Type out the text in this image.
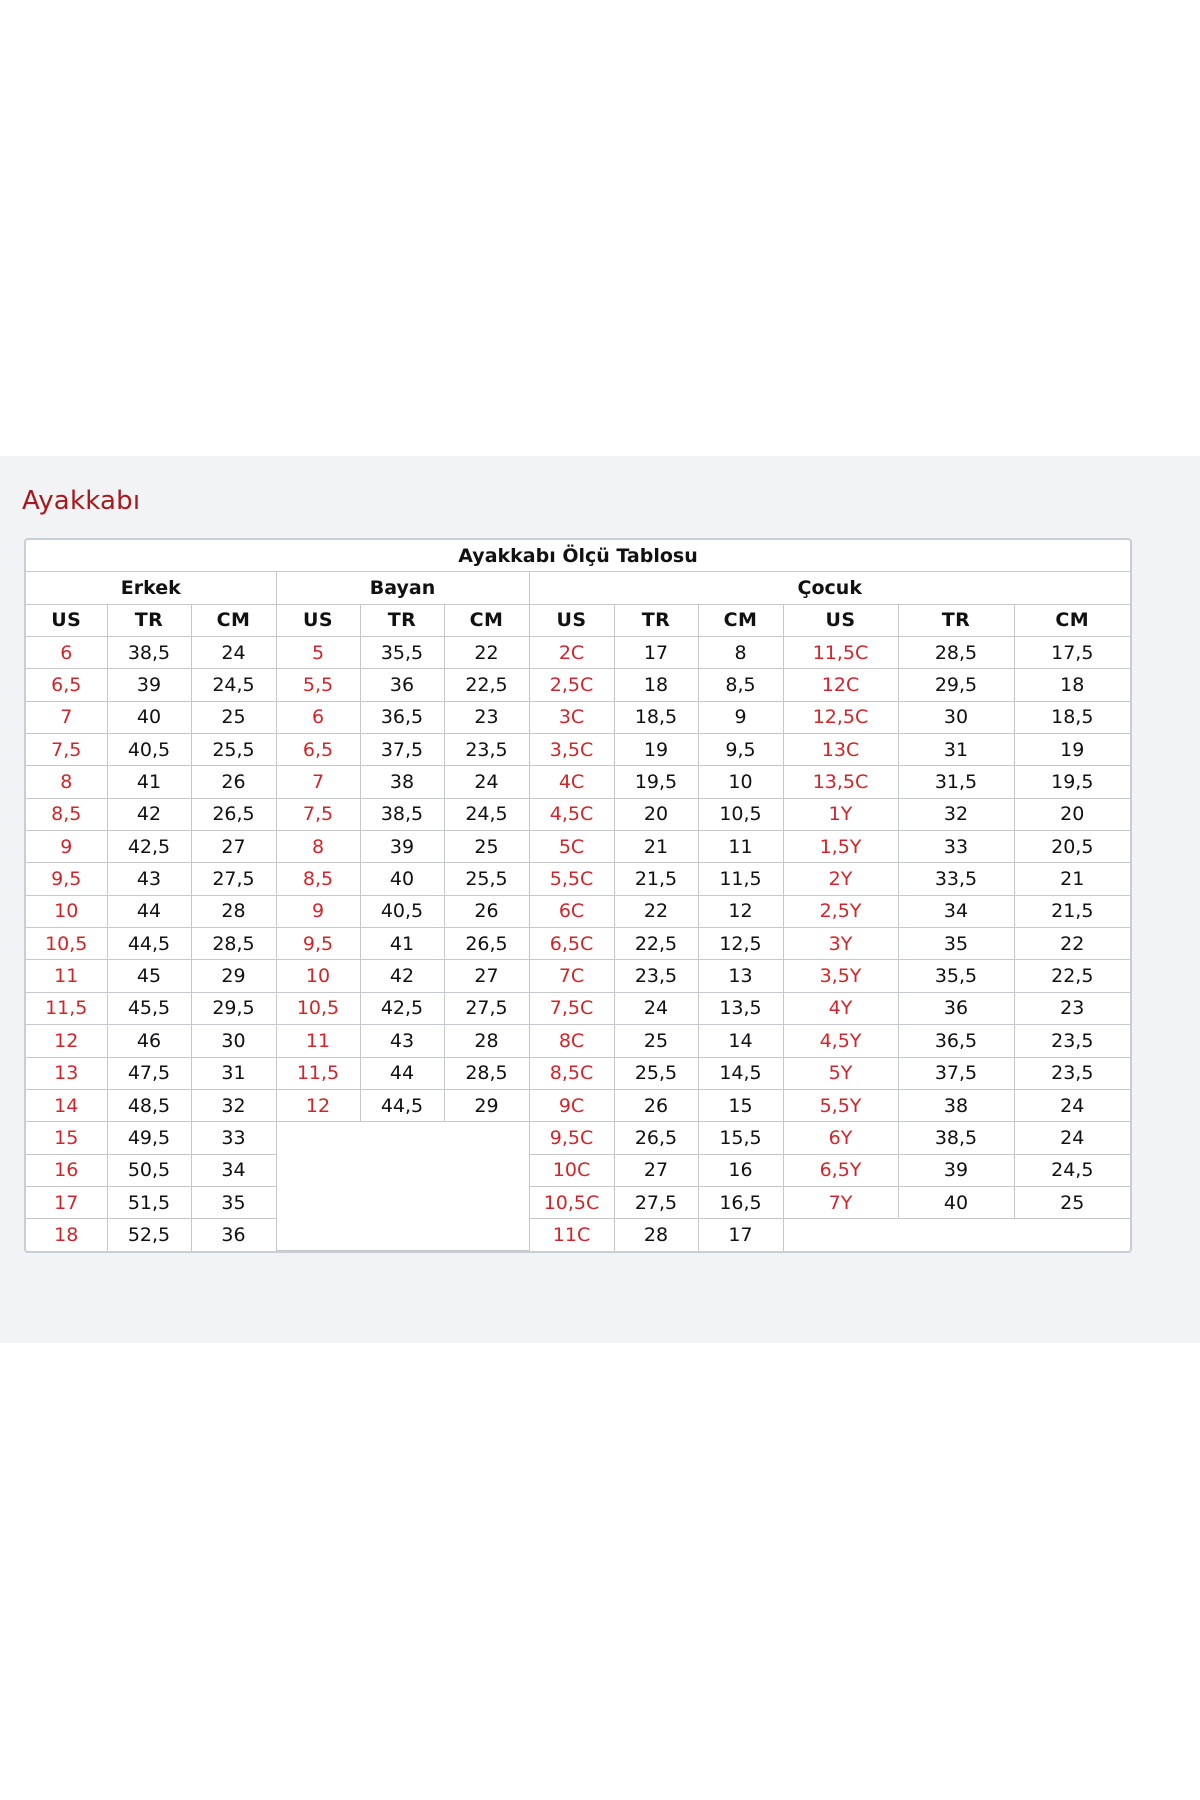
Ayakkabı
Ayakkabı Ölçü Tablosu											
Erkek			Bayan			Çocuk					
US	TR	CM	US	TR	CM	US	TR	CM	US	TR	CM
6	38,5	24	5	35,5	22	2C	17	8	11,5C	28,5	17,5
6,5	39	24,5	5,5	36	22,5	2,5C	18	8,5	12C	29,5	18
7	40	25	6	36,5	23	3C	18,5	9	12,5C	30	18,5
7,5	40,5	25,5	6,5	37,5	23,5	3,5C	19	9,5	13C	31	19
8	41	26	7	38	24	4C	19,5	10	13,5C	31,5	19,5
8,5	42	26,5	7,5	38,5	24,5	4,5C	20	10,5	1Y	32	20
9	42,5	27	8	39	25	5C	21	11	1,5Y	33	20,5
9,5	43	27,5	8,5	40	25,5	5,5C	21,5	11,5	2Y	33,5	21
10	44	28	9	40,5	26	6C	22	12	2,5Y	34	21,5
10,5	44,5	28,5	9,5	41	26,5	6,5C	22,5	12,5	3Y	35	22
11	45	29	10	42	27	7C	23,5	13	3,5Y	35,5	22,5
11,5	45,5	29,5	10,5	42,5	27,5	7,5C	24	13,5	4Y	36	23
12	46	30	11	43	28	8C	25	14	4,5Y	36,5	23,5
13	47,5	31	11,5	44	28,5	8,5C	25,5	14,5	5Y	37,5	23,5
14	48,5	32	12	44,5	29	9C	26	15	5,5Y	38	24
15	49,5	33				9,5C	26,5	15,5	6Y	38,5	24
16	50,5	34				10C	27	16	6,5Y	39	24,5
17	51,5	35				10,5C	27,5	16,5	7Y	40	25
18	52,5	36				11C	28	17			
